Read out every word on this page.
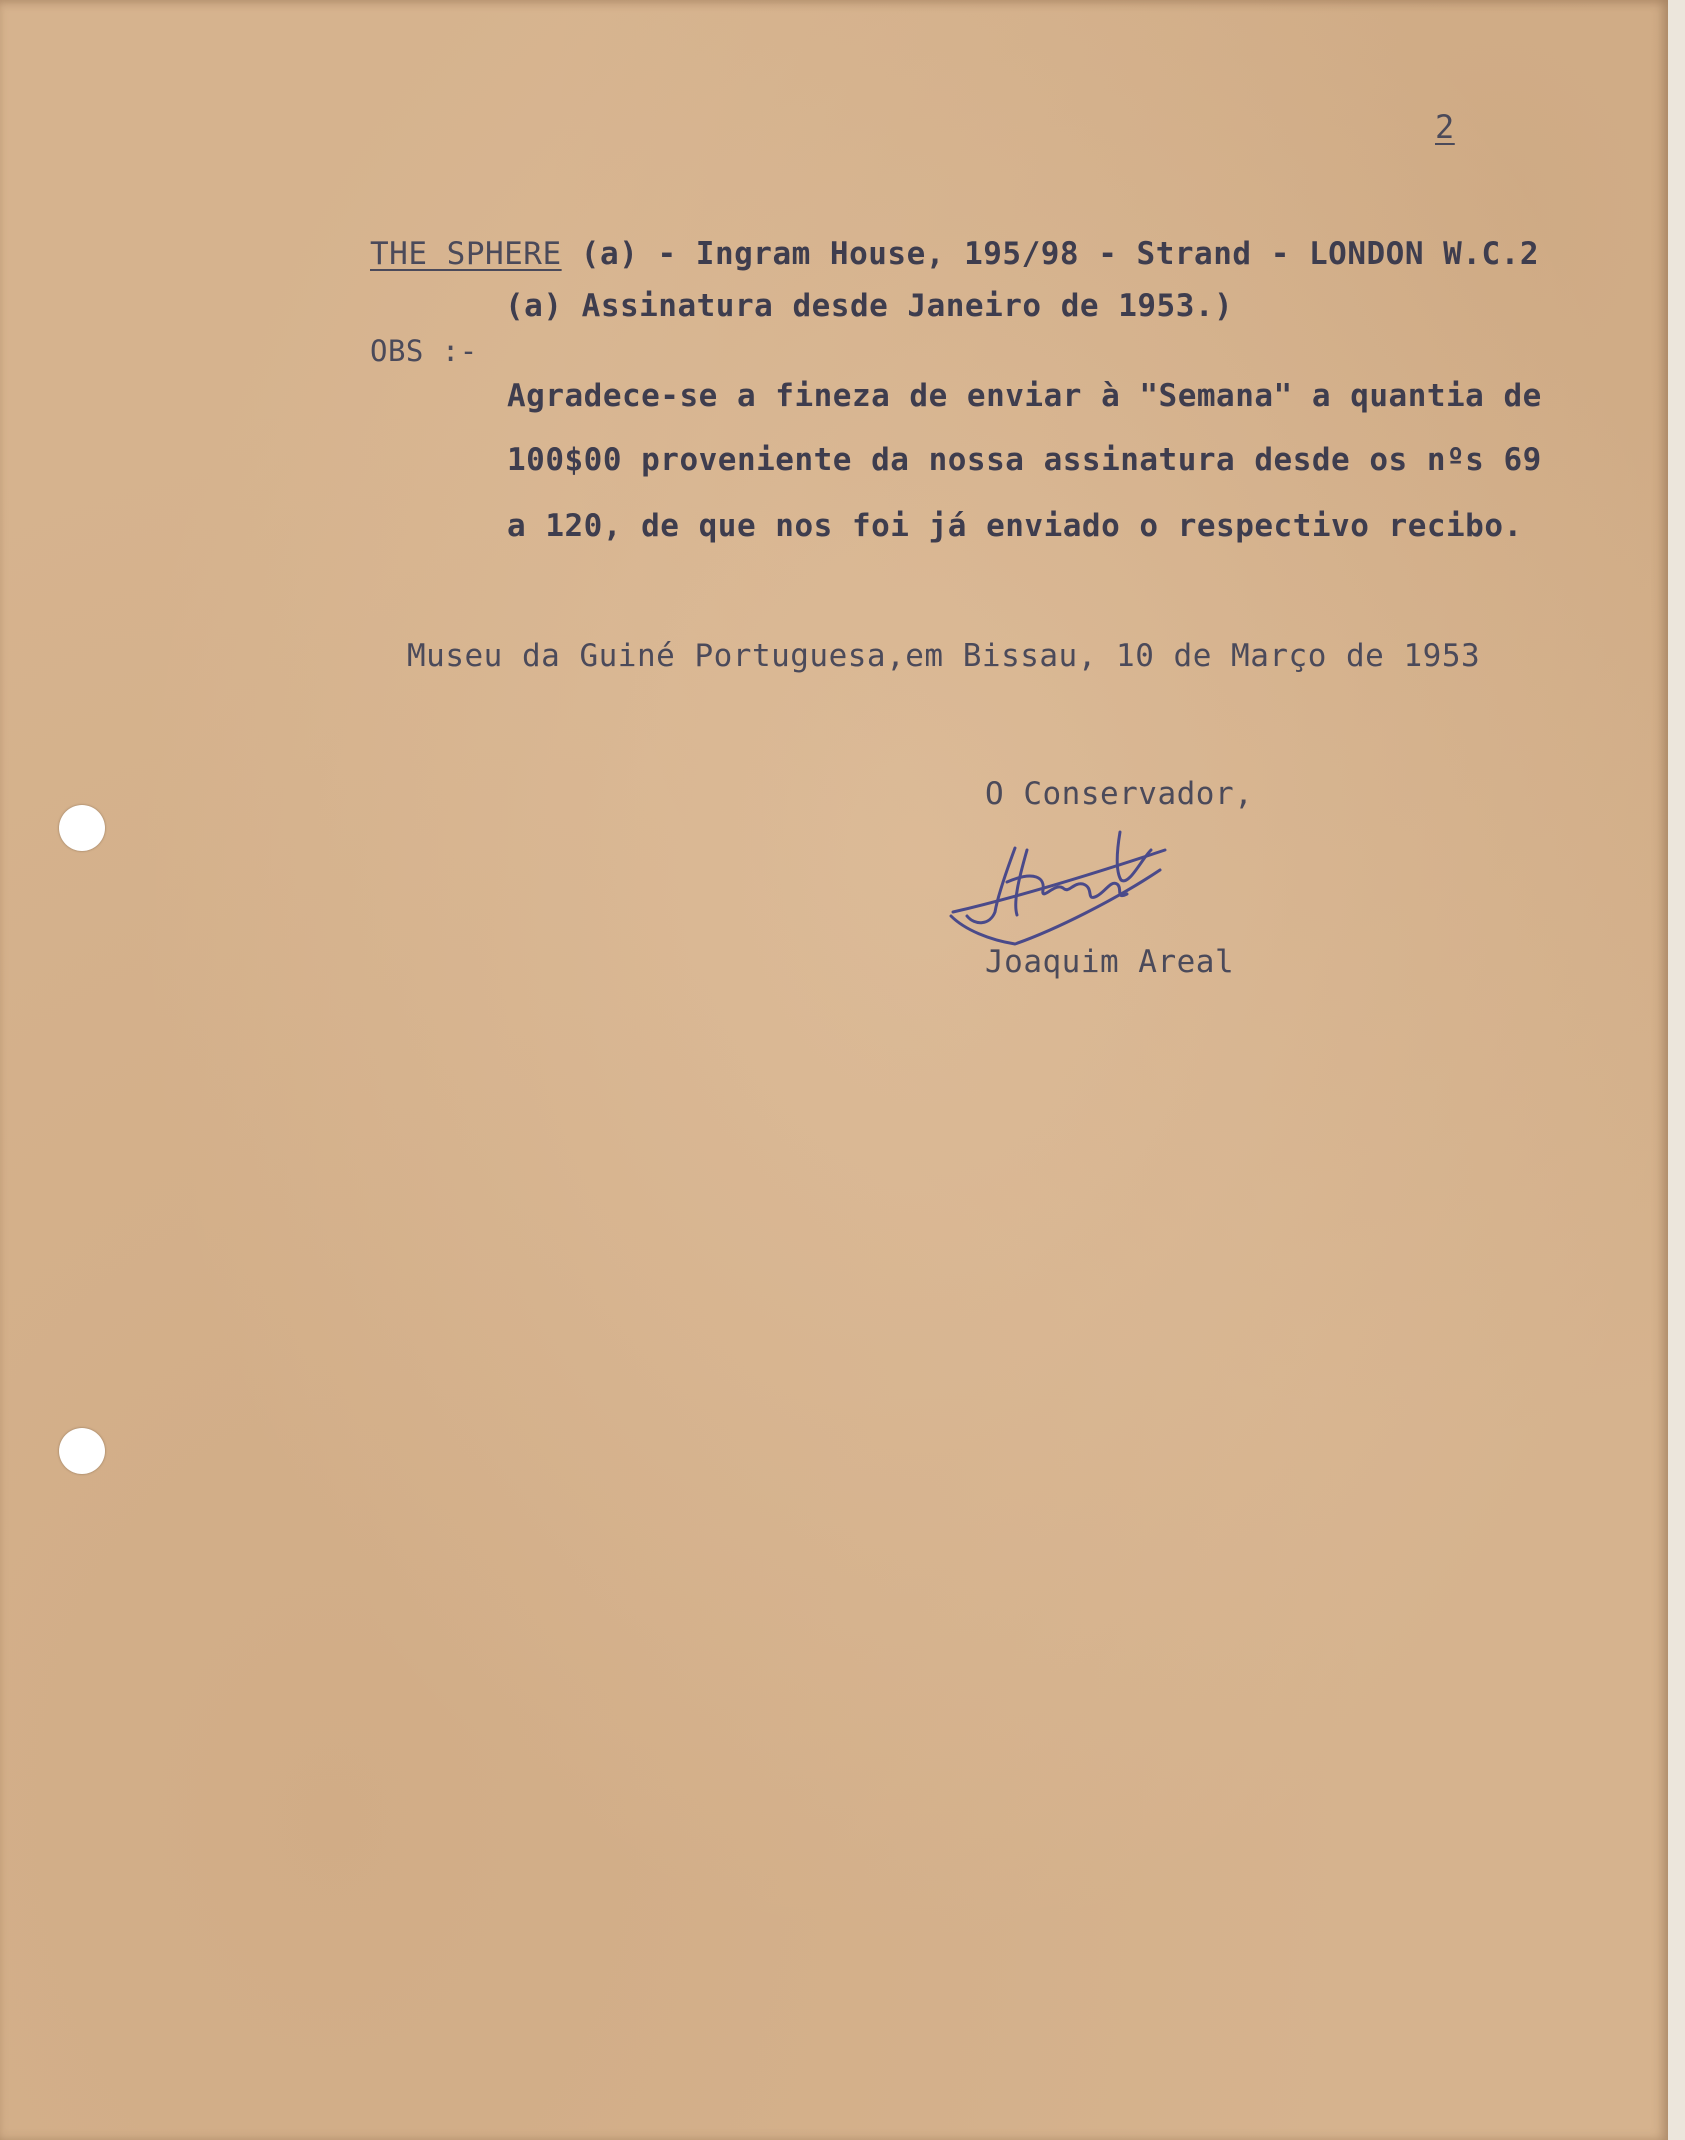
2
THE SPHERE (a) - Ingram House, 195/98 - Strand - LONDON W.C.2
(a) Assinatura desde Janeiro de 1953.)
OBS :-
Agradece-se a fineza de enviar à "Semana" a quantia de
100$00 proveniente da nossa assinatura desde os nºs 69
a 120, de que nos foi já enviado o respectivo recibo.
Museu da Guiné Portuguesa,em Bissau, 10 de Março de 1953
O Conservador,
Joaquim Areal
